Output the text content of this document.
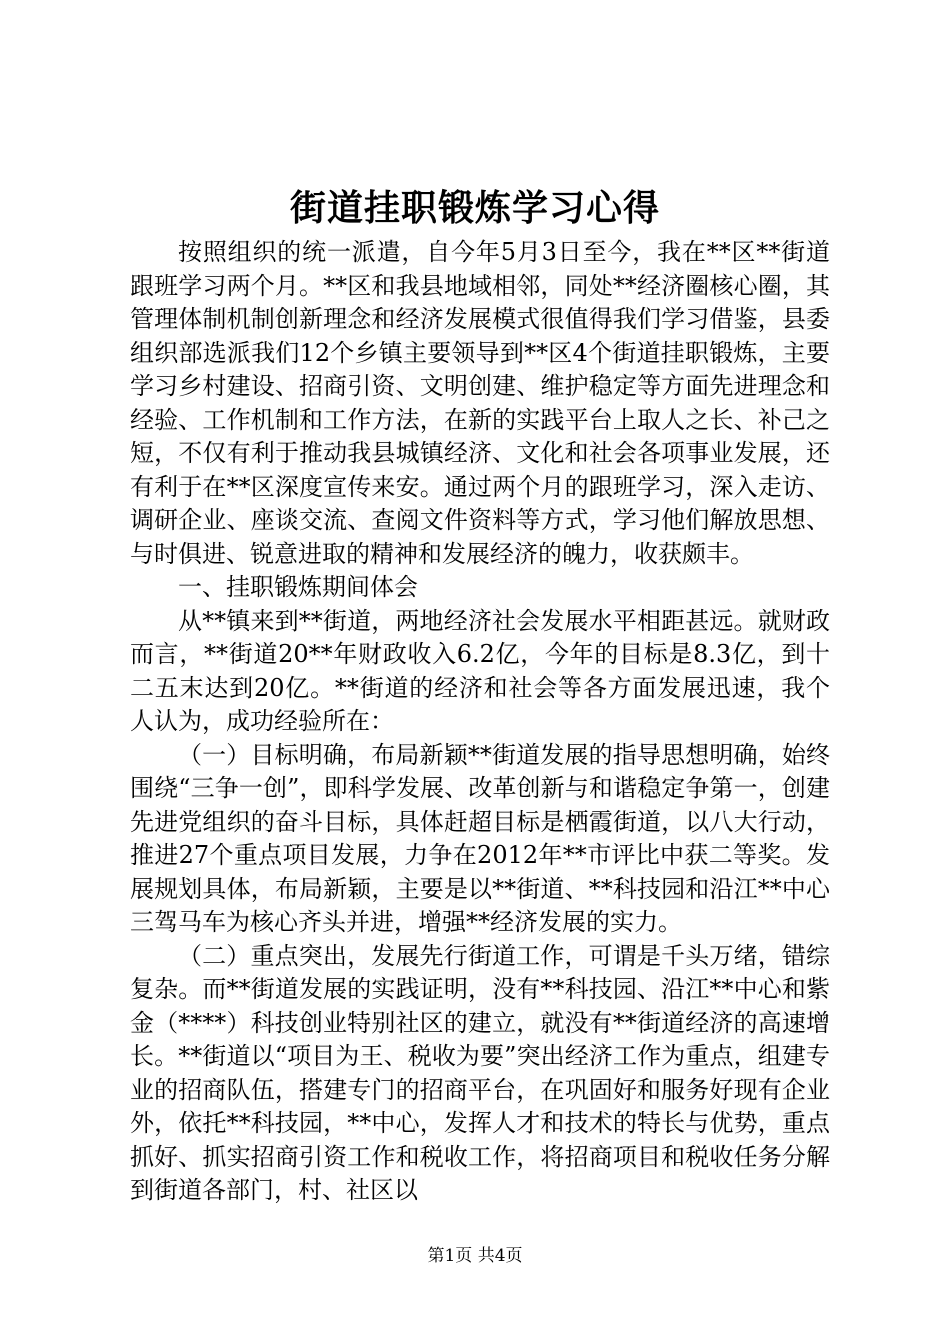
街道挂职锻炼学习心得

按照组织的统一派遣，自今年5月3日至今，我在**区**街道跟班学习两个月。**区和我县地域相邻，同处**经济圈核心圈，其管理体制机制创新理念和经济发展模式很值得我们学习借鉴，县委组织部选派我们12个乡镇主要领导到**区4个街道挂职锻炼，主要学习乡村建设、招商引资、文明创建、维护稳定等方面先进理念和经验、工作机制和工作方法，在新的实践平台上取人之长、补己之短，不仅有利于推动我县城镇经济、文化和社会各项事业发展，还有利于在**区深度宣传来安。通过两个月的跟班学习，深入走访、调研企业、座谈交流、查阅文件资料等方式，学习他们解放思想、与时俱进、锐意进取的精神和发展经济的魄力，收获颇丰。

一、挂职锻炼期间体会

从**镇来到**街道，两地经济社会发展水平相距甚远。就财政而言，**街道20**年财政收入6.2亿，今年的目标是8.3亿，到十二五末达到20亿。**街道的经济和社会等各方面发展迅速，我个人认为，成功经验所在：

（一）目标明确，布局新颖**街道发展的指导思想明确，始终围绕“三争一创”，即科学发展、改革创新与和谐稳定争第一，创建先进党组织的奋斗目标，具体赶超目标是栖霞街道，以八大行动，推进27个重点项目发展，力争在2012年**市评比中获二等奖。发展规划具体，布局新颖，主要是以**街道、**科技园和沿江**中心三驾马车为核心齐头并进，增强**经济发展的实力。

（二）重点突出，发展先行街道工作，可谓是千头万绪，错综复杂。而**街道发展的实践证明，没有**科技园、沿江**中心和紫金（****）科技创业特别社区的建立，就没有**街道经济的高速增长。**街道以“项目为王、税收为要”突出经济工作为重点，组建专业的招商队伍，搭建专门的招商平台，在巩固好和服务好现有企业外，依托**科技园，**中心，发挥人才和技术的特长与优势，重点抓好、抓实招商引资工作和税收工作，将招商项目和税收任务分解到街道各部门，村、社区以

第1页 共4页
